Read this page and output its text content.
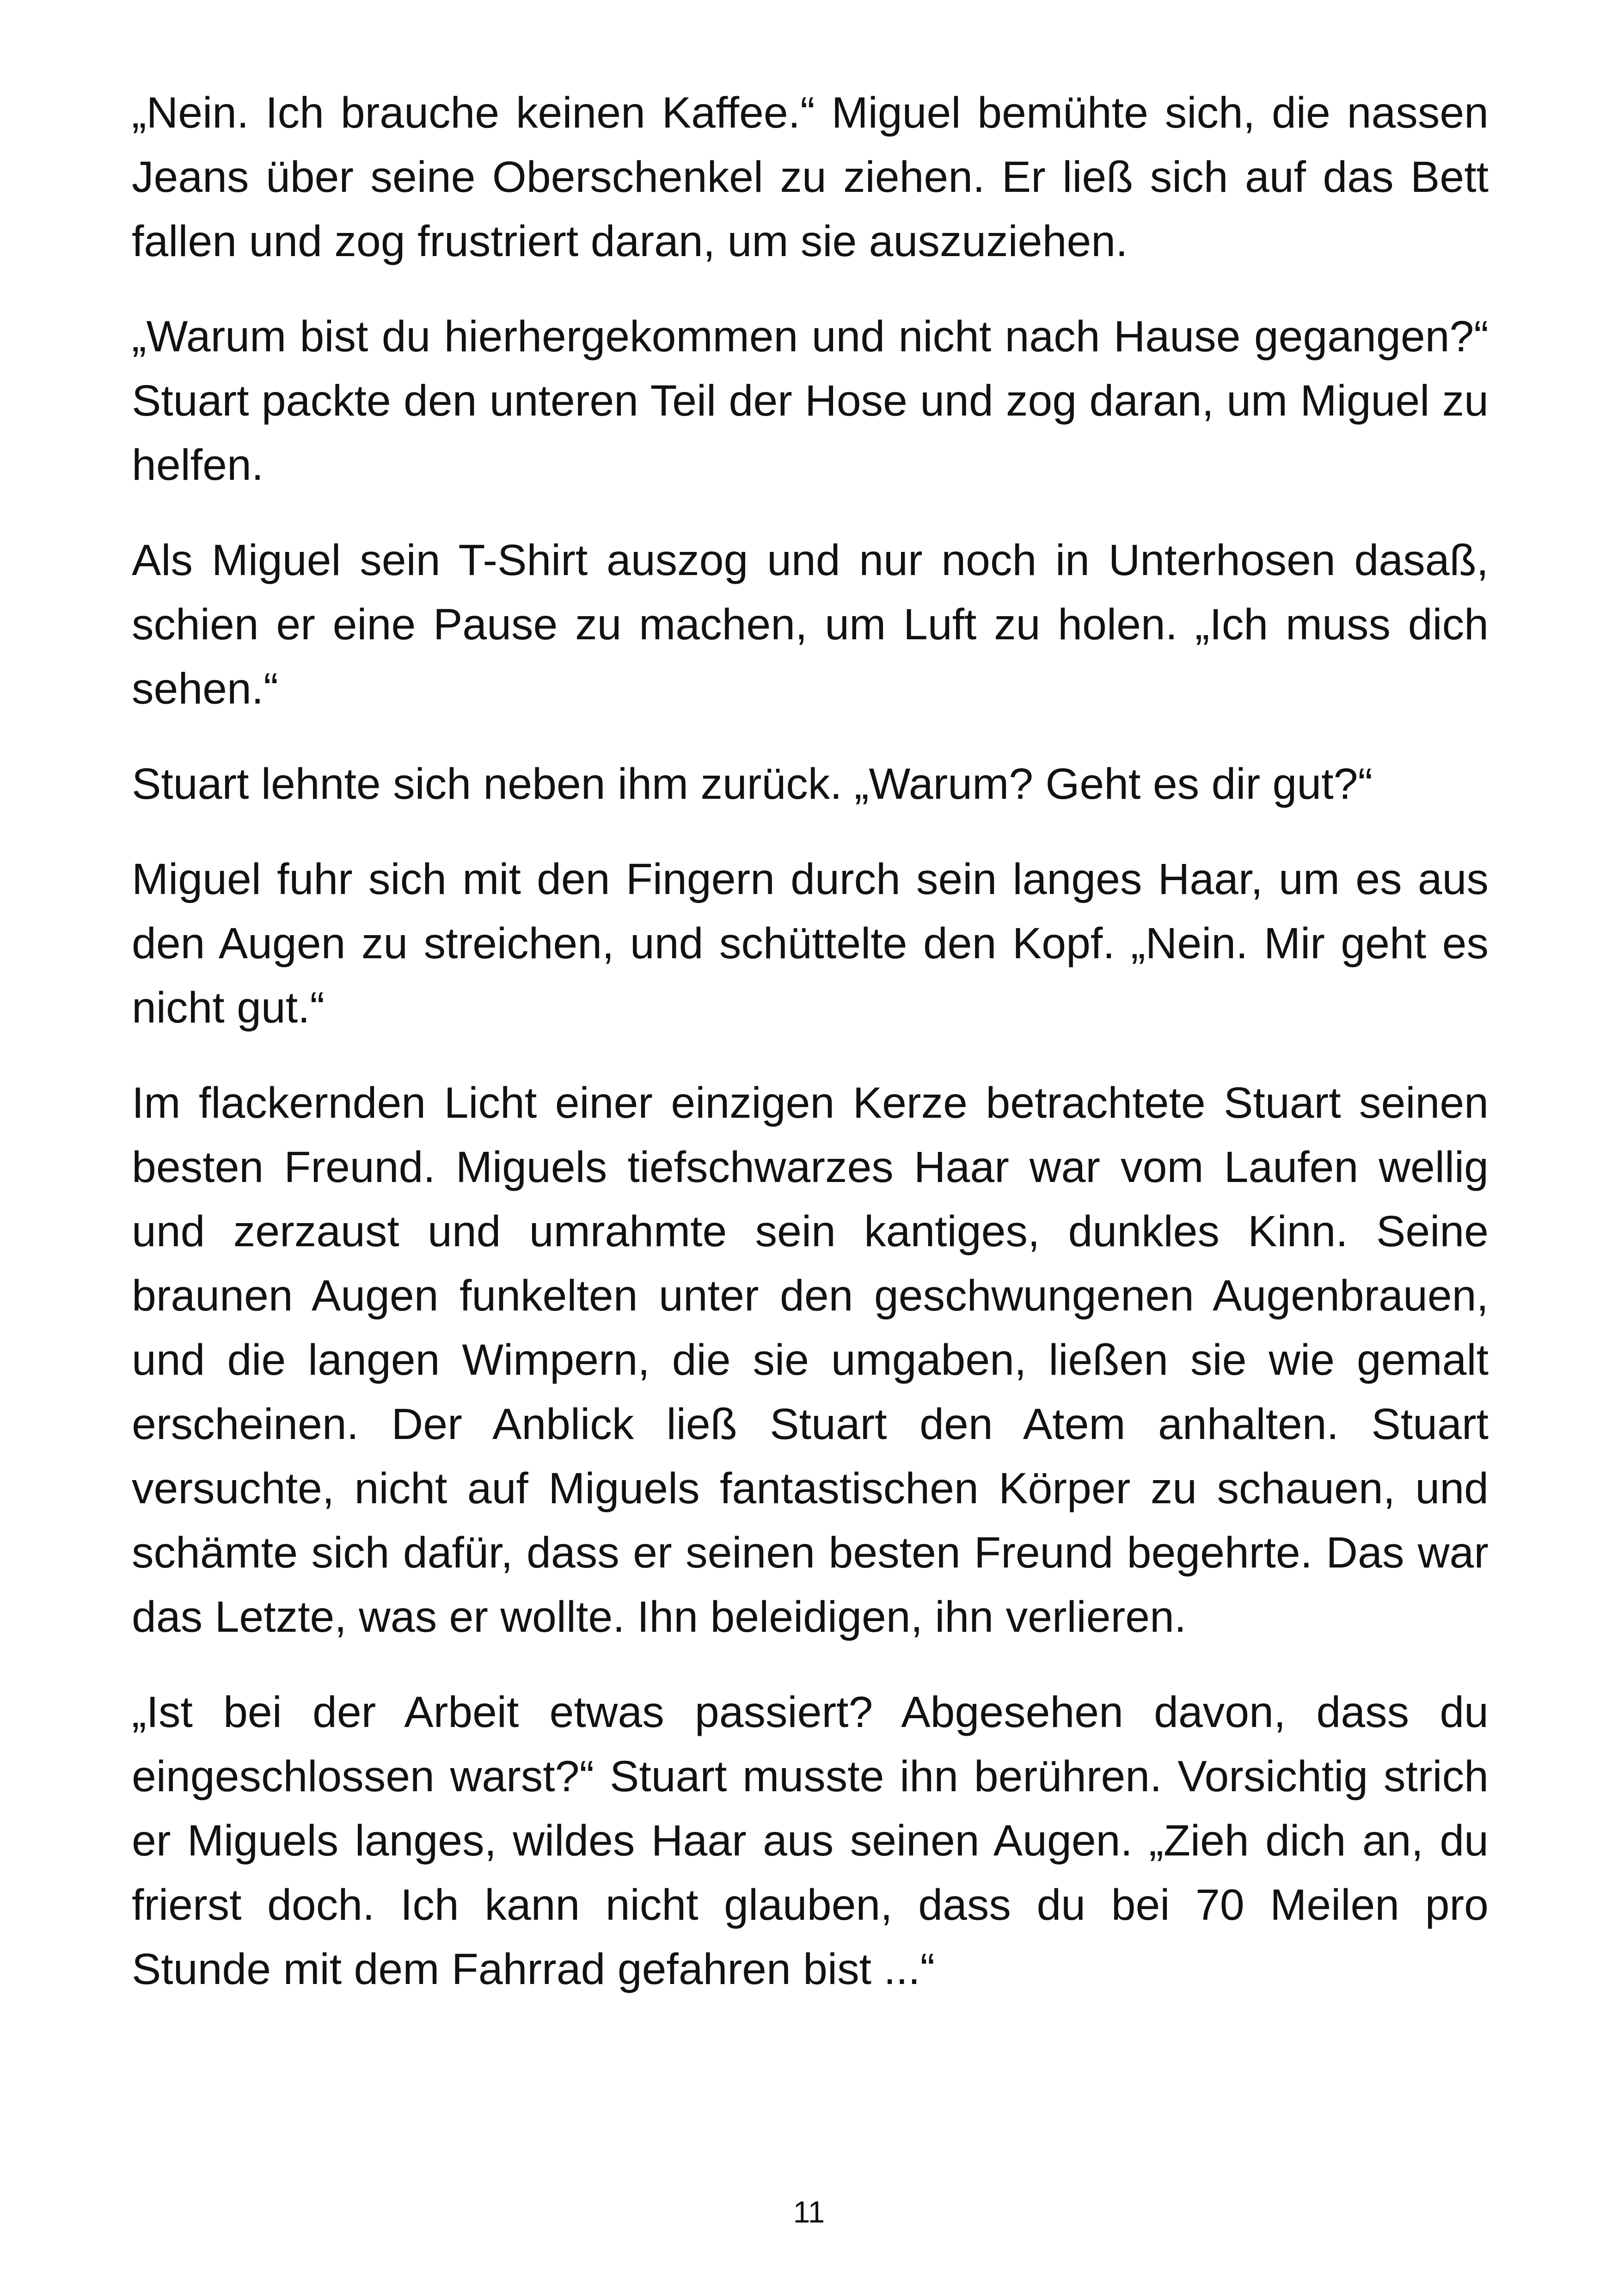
„Nein. Ich brauche keinen Kaffee.“ Miguel bemühte sich, die nassen Jeans über seine Oberschenkel zu ziehen. Er ließ sich auf das Bett fallen und zog frustriert daran, um sie auszuziehen.

„Warum bist du hierhergekommen und nicht nach Hause gegangen?“ Stuart packte den unteren Teil der Hose und zog daran, um Miguel zu helfen.

Als Miguel sein T-Shirt auszog und nur noch in Unterhosen dasaß, schien er eine Pause zu machen, um Luft zu holen. „Ich muss dich sehen.“

Stuart lehnte sich neben ihm zurück. „Warum? Geht es dir gut?“

Miguel fuhr sich mit den Fingern durch sein langes Haar, um es aus den Augen zu streichen, und schüttelte den Kopf. „Nein. Mir geht es nicht gut.“

Im flackernden Licht einer einzigen Kerze betrachtete Stuart seinen besten Freund. Miguels tiefschwarzes Haar war vom Laufen wellig und zerzaust und umrahmte sein kantiges, dunkles Kinn. Seine braunen Augen funkelten unter den geschwungenen Augenbrauen, und die langen Wimpern, die sie umgaben, ließen sie wie gemalt erscheinen. Der Anblick ließ Stuart den Atem anhalten. Stuart versuchte, nicht auf Miguels fantastischen Körper zu schauen, und schämte sich dafür, dass er seinen besten Freund begehrte. Das war das Letzte, was er wollte. Ihn beleidigen, ihn verlieren.

„Ist bei der Arbeit etwas passiert? Abgesehen davon, dass du eingeschlossen warst?“ Stuart musste ihn berühren. Vorsichtig strich er Miguels langes, wildes Haar aus seinen Augen. „Zieh dich an, du frierst doch. Ich kann nicht glauben, dass du bei 70 Meilen pro Stunde mit dem Fahrrad gefahren bist ...“

11
